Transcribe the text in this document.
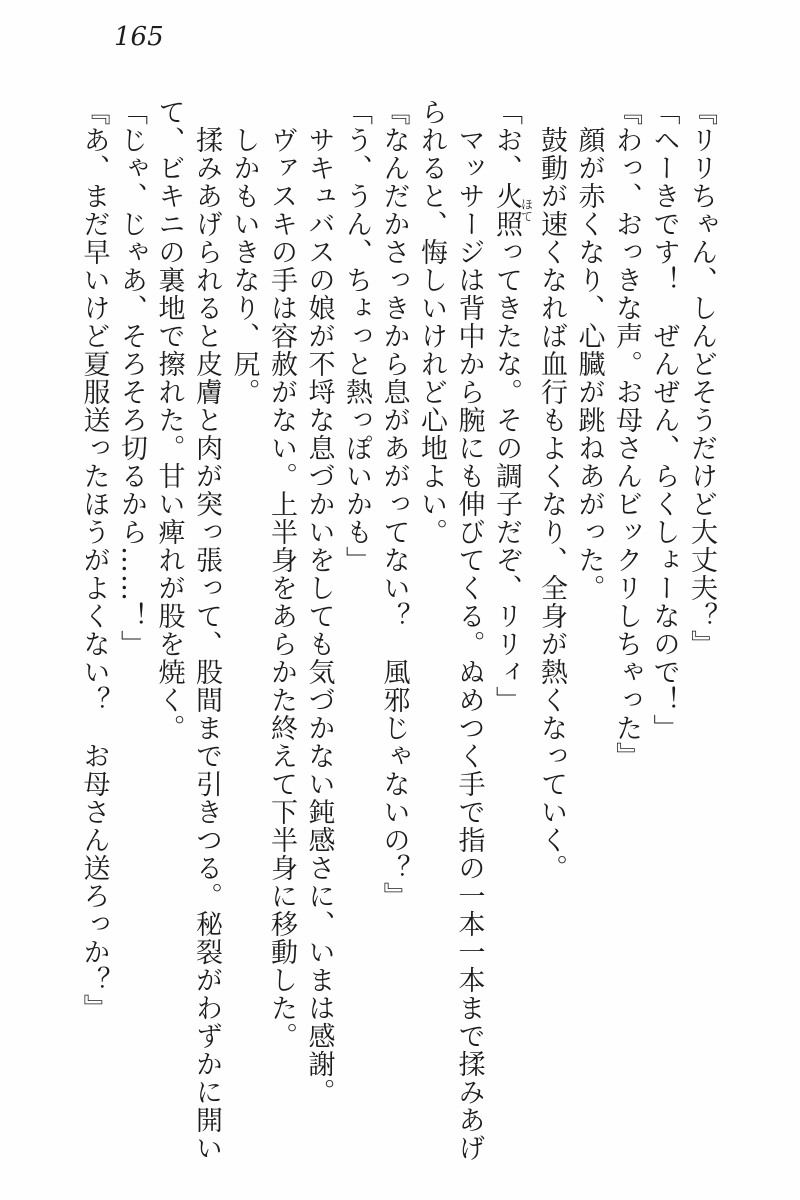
165
『リリちゃん、しんどそうだけど大丈夫？』
「ヘーきです！　ぜんぜん、らくしょーなので！」
『わっ、おっきな声。お母さんビックリしちゃった』
顔が赤くなり、心臓が跳ねあがった。
鼓動が速くなれば血行もよくなり、全身が熱くなっていく。
「お、火照ほてってきたな。その調子だぞ、リリィ」
マッサージは背中から腕にも伸びてくる。ぬめつく手で指の一本一本まで揉みあげ
られると、悔しいけれど心地よい。
『なんだかさっきから息があがってない？　風邪じゃないの？』
「う、うん、ちょっと熱っぽいかも」
サキュバスの娘が不埒な息づかいをしても気づかない鈍感さに、いまは感謝。
ヴァスキの手は容赦がない。上半身をあらかた終えて下半身に移動した。
しかもいきなり、尻。
揉みあげられると皮膚と肉が突っ張って、股間まで引きつる。秘裂がわずかに開い
て、ビキニの裏地で擦れた。甘い痺れが股を焼く。
「じゃ、じゃあ、そろそろ切るから……！」
『あ、まだ早いけど夏服送ったほうがよくない？　お母さん送ろっか？』
